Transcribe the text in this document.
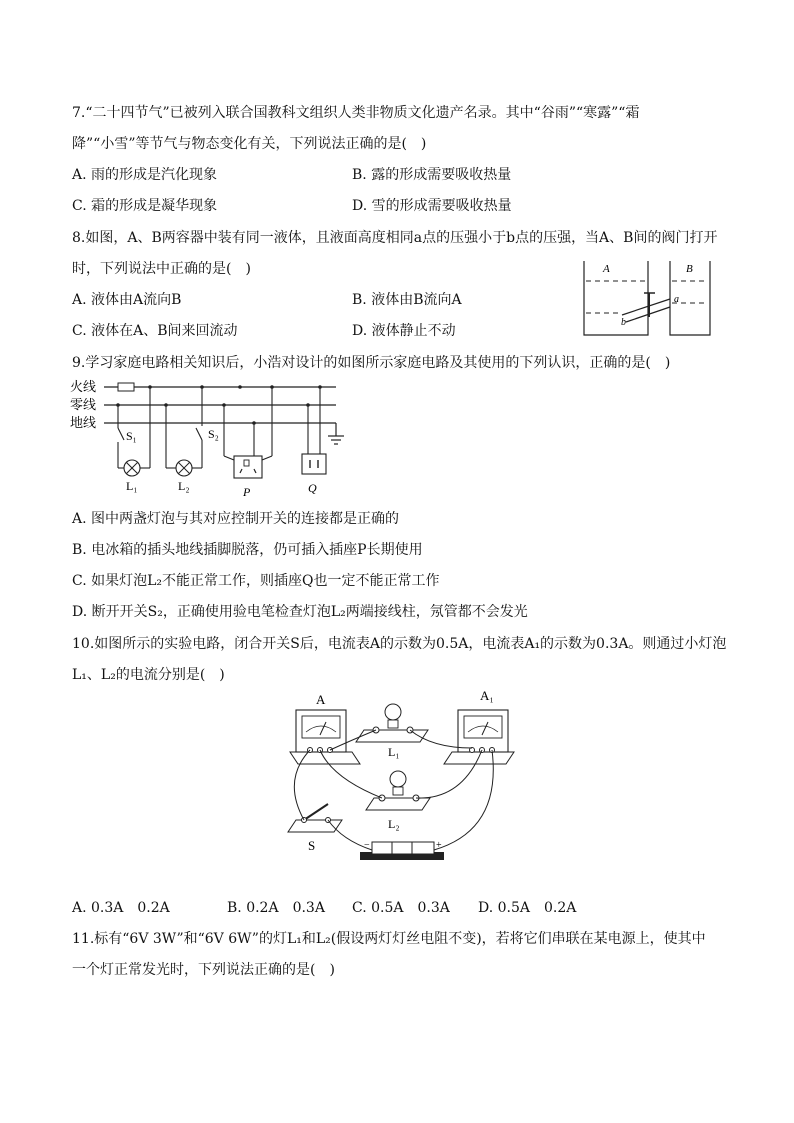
7.“二十四节气”已被列入联合国教科文组织人类非物质文化遗产名录。其中“谷雨”“寒露”“霜
降”“小雪”等节气与物态变化有关，下列说法正确的是(　)
A. 雨的形成是汽化现象	B. 露的形成需要吸收热量
C. 霜的形成是凝华现象	D. 雪的形成需要吸收热量
8.如图，A、B两容器中装有同一液体，且液面高度相同a点的压强小于b点的压强，当A、B间的阀门打开
时，下列说法中正确的是(　)
A. 液体由A流向B	B. 液体由B流向A
C. 液体在A、B间来回流动	D. 液体静止不动
A	B
a
b
9.学习家庭电路相关知识后，小浩对设计的如图所示家庭电路及其使用的下列认识，正确的是(　)
火线
零线
地线
S₁
L₁
S₂
L₂	P	Q
A. 图中两盏灯泡与其对应控制开关的连接都是正确的
B. 电冰箱的插头地线插脚脱落，仍可插入插座P长期使用
C. 如果灯泡L₂不能正常工作，则插座Q也一定不能正常工作
D. 断开开关S₂，正确使用验电笔检查灯泡L₂两端接线柱，氖管都不会发光
10.如图所示的实验电路，闭合开关S后，电流表A的示数为0.5A，电流表A₁的示数为0.3A。则通过小灯泡
L₁、L₂的电流分别是(　)
A
L₁
A₁
L₂
S	−	+
A. 0.3A　0.2A	B. 0.2A　0.3A C. 0.5A　0.3A D. 0.5A　0.2A
11.标有“6V 3W”和“6V 6W”的灯L₁和L₂(假设两灯灯丝电阻不变)，若将它们串联在某电源上，使其中
一个灯正常发光时，下列说法正确的是(　)
